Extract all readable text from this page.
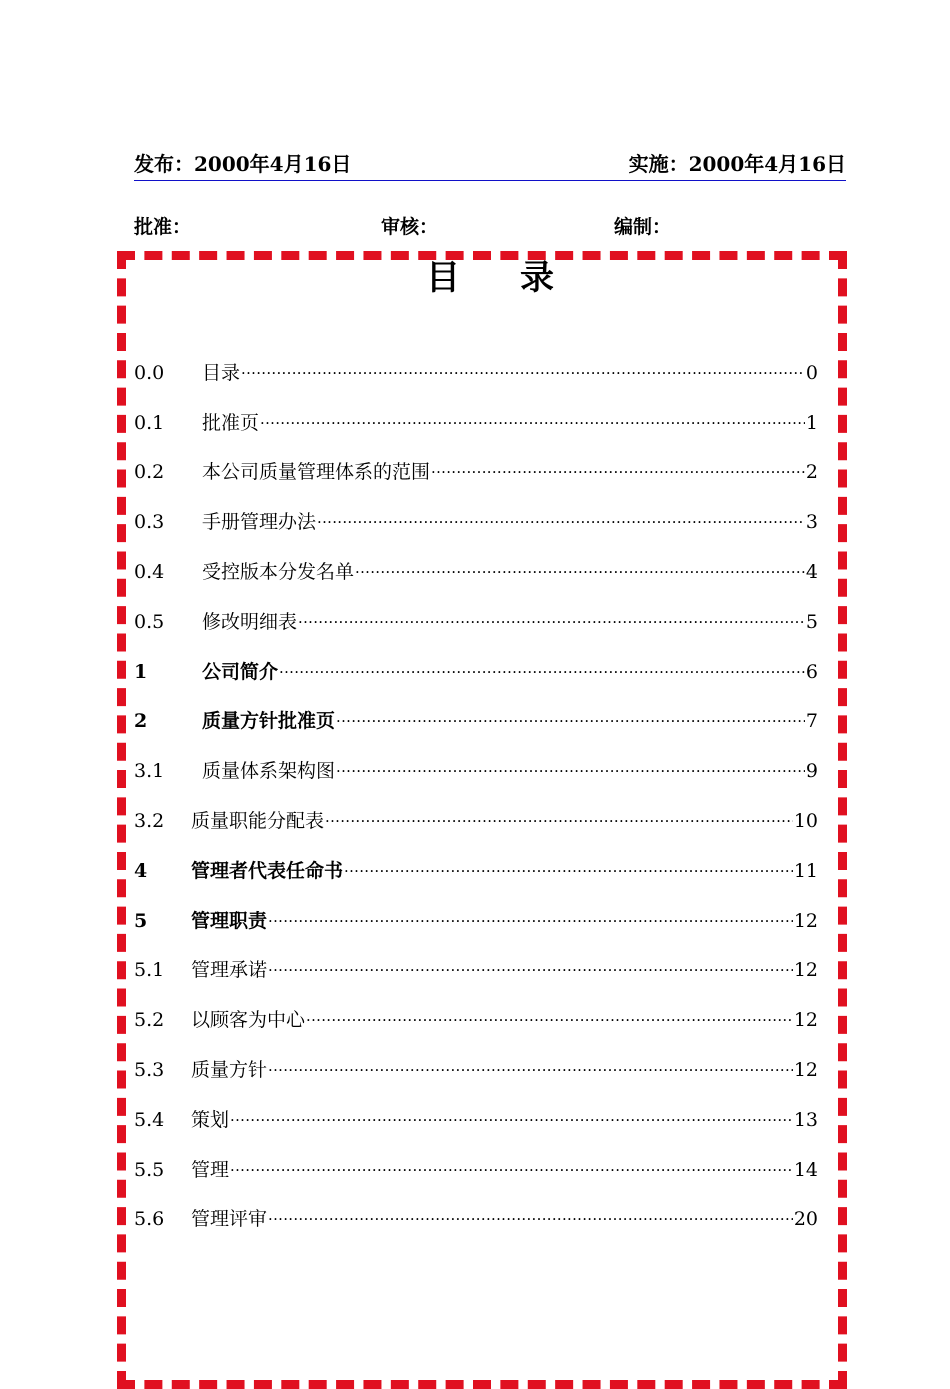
发布：2000年4月16日	实施：2000年4月16日
批准：	审核：	编制：
目录
0.0	目录 ·····	0
0.1	批准页 ·····	1
0.2	本公司质量管理体系的范围 ·····	2
0.3	手册管理办法 ·····	3
0.4	受控版本分发名单 ·····	4
0.5	修改明细表 ·····	5
1	公司简介 ·····	6
2	质量方针批准页 ·····	7
3.1	质量体系架构图 ·····	9
3.2	质量职能分配表 ·····	10
4	管理者代表任命书 ·····	11
5	管理职责 ·····	12
5.1	管理承诺 ·····	12
5.2	以顾客为中心 ·····	12
5.3	质量方针 ·····	12
5.4	策划 ·····	13
5.5	管理 ·····	14
5.6	管理评审 ·····	20
